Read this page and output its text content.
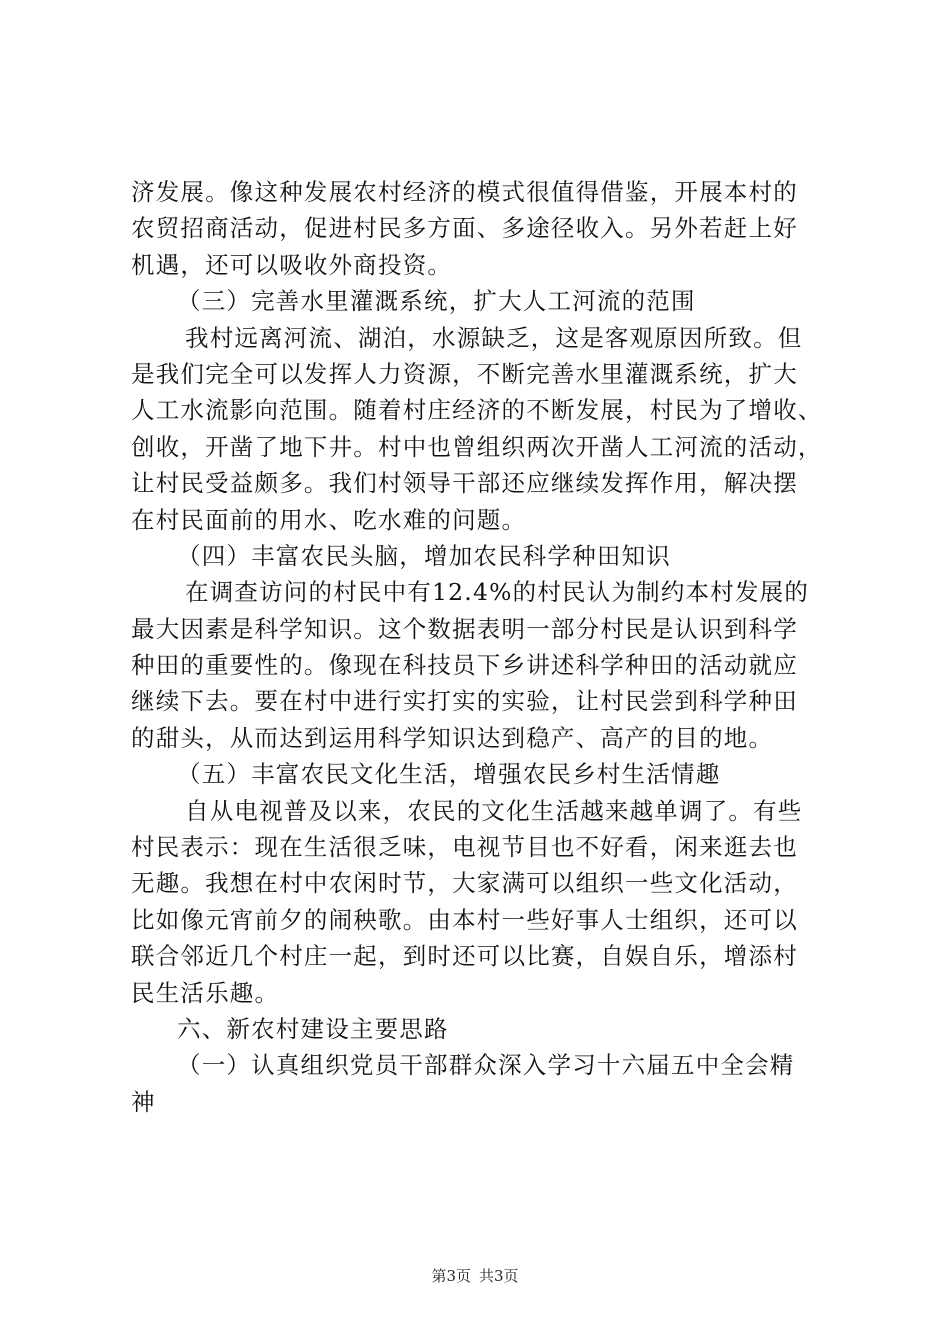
济发展。像这种发展农村经济的模式很值得借鉴，开展本村的
农贸招商活动，促进村民多方面、多途径收入。另外若赶上好
机遇，还可以吸收外商投资。
（三）完善水里灌溉系统，扩大人工河流的范围
我村远离河流、湖泊，水源缺乏，这是客观原因所致。但
是我们完全可以发挥人力资源，不断完善水里灌溉系统，扩大
人工水流影向范围。随着村庄经济的不断发展，村民为了增收、
创收，开凿了地下井。村中也曾组织两次开凿人工河流的活动，
让村民受益颇多。我们村领导干部还应继续发挥作用，解决摆
在村民面前的用水、吃水难的问题。
（四）丰富农民头脑，增加农民科学种田知识
在调查访问的村民中有12.4%的村民认为制约本村发展的
最大因素是科学知识。这个数据表明一部分村民是认识到科学
种田的重要性的。像现在科技员下乡讲述科学种田的活动就应
继续下去。要在村中进行实打实的实验，让村民尝到科学种田
的甜头，从而达到运用科学知识达到稳产、高产的目的地。
（五）丰富农民文化生活，增强农民乡村生活情趣
自从电视普及以来，农民的文化生活越来越单调了。有些
村民表示：现在生活很乏味，电视节目也不好看，闲来逛去也
无趣。我想在村中农闲时节，大家满可以组织一些文化活动，
比如像元宵前夕的闹秧歌。由本村一些好事人士组织，还可以
联合邻近几个村庄一起，到时还可以比赛，自娱自乐，增添村
民生活乐趣。
六、新农村建设主要思路
（一）认真组织党员干部群众深入学习十六届五中全会精
神
第3页 共3页
